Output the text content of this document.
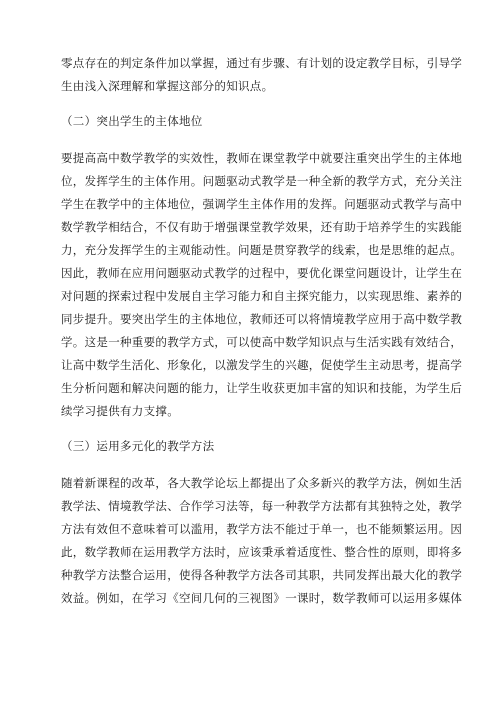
零点存在的判定条件加以掌握，通过有步骤、有计划的设定教学目标，引导学
生由浅入深理解和掌握这部分的知识点。
（二）突出学生的主体地位
要提高高中数学教学的实效性，教师在课堂教学中就要注重突出学生的主体地
位，发挥学生的主体作用。问题驱动式教学是一种全新的教学方式，充分关注
学生在教学中的主体地位，强调学生主体作用的发挥。问题驱动式教学与高中
数学教学相结合，不仅有助于增强课堂教学效果，还有助于培养学生的实践能
力，充分发挥学生的主观能动性。问题是贯穿教学的线索，也是思维的起点。
因此，教师在应用问题驱动式教学的过程中，要优化课堂问题设计，让学生在
对问题的探索过程中发展自主学习能力和自主探究能力，以实现思维、素养的
同步提升。要突出学生的主体地位，教师还可以将情境教学应用于高中数学教
学。这是一种重要的教学方式，可以使高中数学知识点与生活实践有效结合，
让高中数学生活化、形象化，以激发学生的兴趣，促使学生主动思考，提高学
生分析问题和解决问题的能力，让学生收获更加丰富的知识和技能，为学生后
续学习提供有力支撑。
（三）运用多元化的教学方法
随着新课程的改革，各大教学论坛上都提出了众多新兴的教学方法，例如生活
教学法、情境教学法、合作学习法等，每一种教学方法都有其独特之处，教学
方法有效但不意味着可以滥用，教学方法不能过于单一，也不能频繁运用。因
此，数学教师在运用教学方法时，应该秉承着适度性、整合性的原则，即将多
种教学方法整合运用，使得各种教学方法各司其职，共同发挥出最大化的教学
效益。例如，在学习《空间几何的三视图》一课时，数学教师可以运用多媒体
